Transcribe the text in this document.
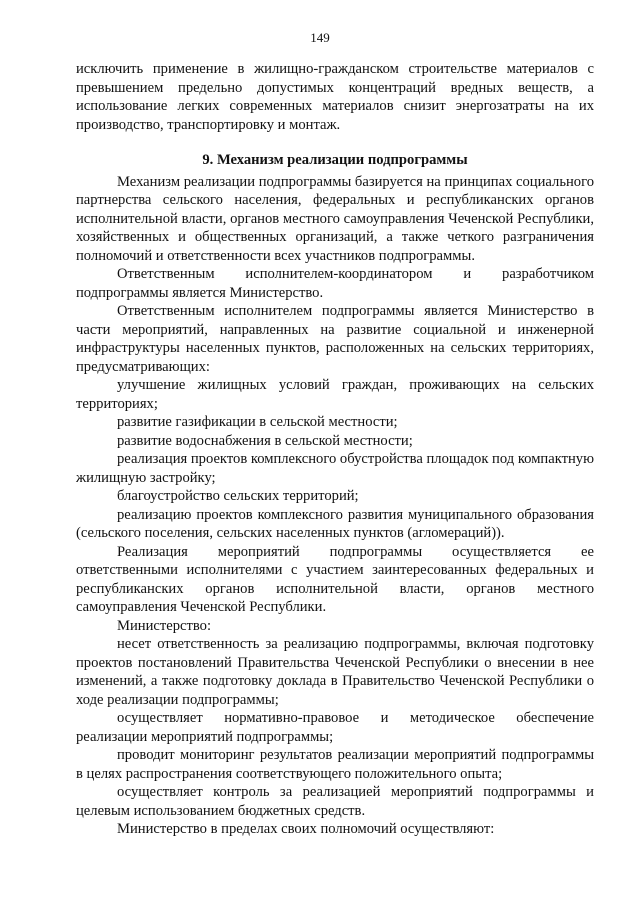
149

исключить применение в жилищно-гражданском строительстве материалов с превышением предельно допустимых концентраций вредных веществ, а использование легких современных материалов снизит энергозатраты на их производство, транспортировку и монтаж.

9. Механизм реализации подпрограммы

Механизм реализации подпрограммы базируется на принципах социального партнерства сельского населения, федеральных и республиканских органов исполнительной власти, органов местного самоуправления Чеченской Республики, хозяйственных и общественных организаций, а также четкого разграничения полномочий и ответственности всех участников подпрограммы.

Ответственным исполнителем-координатором и разработчиком подпрограммы является Министерство.

Ответственным исполнителем подпрограммы является Министерство в части мероприятий, направленных на развитие социальной и инженерной инфраструктуры населенных пунктов, расположенных на сельских территориях, предусматривающих:

улучшение жилищных условий граждан, проживающих на сельских территориях;

развитие газификации в сельской местности;

развитие водоснабжения в сельской местности;

реализация проектов комплексного обустройства площадок под компактную жилищную застройку;

благоустройство сельских территорий;

реализацию проектов комплексного развития муниципального образования (сельского поселения, сельских населенных пунктов (агломераций)).

Реализация мероприятий подпрограммы осуществляется ее ответственными исполнителями с участием заинтересованных федеральных и республиканских органов исполнительной власти, органов местного самоуправления Чеченской Республики.

Министерство:

несет ответственность за реализацию подпрограммы, включая подготовку проектов постановлений Правительства Чеченской Республики о внесении в нее изменений, а также подготовку доклада в Правительство Чеченской Республики о ходе реализации подпрограммы;

осуществляет нормативно-правовое и методическое обеспечение реализации мероприятий подпрограммы;

проводит мониторинг результатов реализации мероприятий подпрограммы в целях распространения соответствующего положительного опыта;

осуществляет контроль за реализацией мероприятий подпрограммы и целевым использованием бюджетных средств.

Министерство в пределах своих полномочий осуществляют:
